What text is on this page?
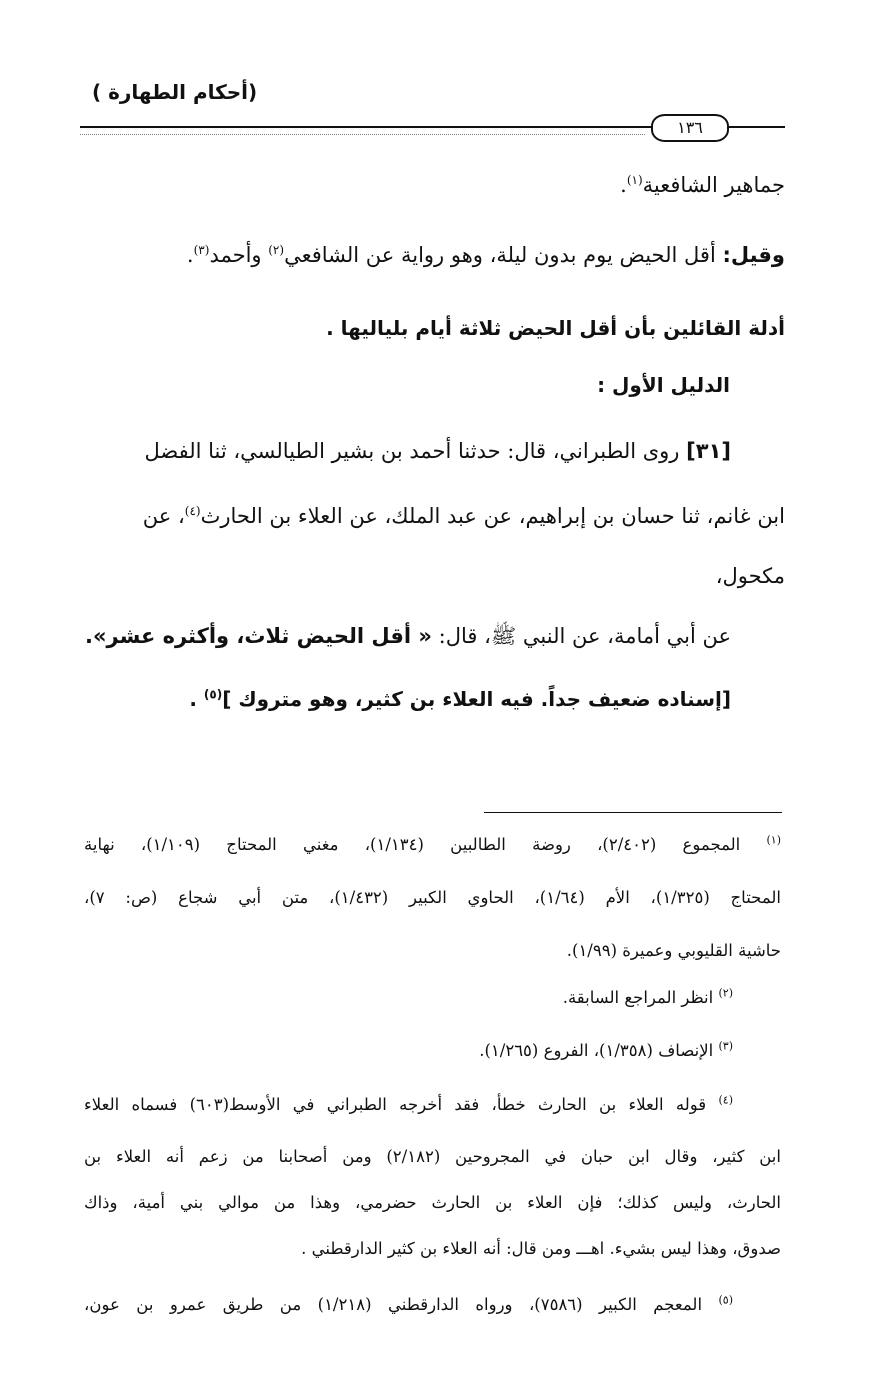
(أحكام الطهارة )
١٣٦
جماهير الشافعية$^{(١)}$.
وقيل: أقل الحيض يوم بدون ليلة، وهو رواية عن الشافعي$^{(٢)}$ وأحمد$^{(٣)}$.
أدلة القائلين بأن أقل الحيض ثلاثة أيام بلياليها .
الدليل الأول :
[٣١] روى الطبراني، قال: حدثنا أحمد بن بشير الطيالسي، ثنا الفضل
ابن غانم، ثنا حسان بن إبراهيم، عن عبد الملك، عن العلاء بن الحارث$^{(٤)}$، عن
مكحول،
عن أبي أمامة، عن النبي ﷺ، قال: « أقل الحيض ثلاث، وأكثره عشر».
[إسناده ضعيف جداً. فيه العلاء بن كثير، وهو متروك ]$^{(٥)}$ .
$^{(١)}$ المجموع (٢/٤٠٢)، روضة الطالبين (١/١٣٤)، مغني المحتاج (١/١٠٩)، نهاية
المحتاج (١/٣٢٥)، الأم (١/٦٤)، الحاوي الكبير (١/٤٣٢)، متن أبي شجاع (ص: ٧)،
حاشية القليوبي وعميرة (١/٩٩).
$^{(٢)}$ انظر المراجع السابقة.
$^{(٣)}$ الإنصاف (١/٣٥٨)، الفروع (١/٢٦٥).
$^{(٤)}$ قوله العلاء بن الحارث خطأ، فقد أخرجه الطبراني في الأوسط(٦٠٣) فسماه العلاء
ابن كثير، وقال ابن حبان في المجروحين (٢/١٨٢) ومن أصحابنا من زعم أنه العلاء بن
الحارث، وليس كذلك؛ فإن العلاء بن الحارث حضرمي، وهذا من موالي بني أمية، وذاك
صدوق، وهذا ليس بشيء. اهـــ ومن قال: أنه العلاء بن كثير الدارقطني .
$^{(٥)}$ المعجم الكبير (٧٥٨٦)، ورواه الدارقطني (١/٢١٨) من طريق عمرو بن عون،
